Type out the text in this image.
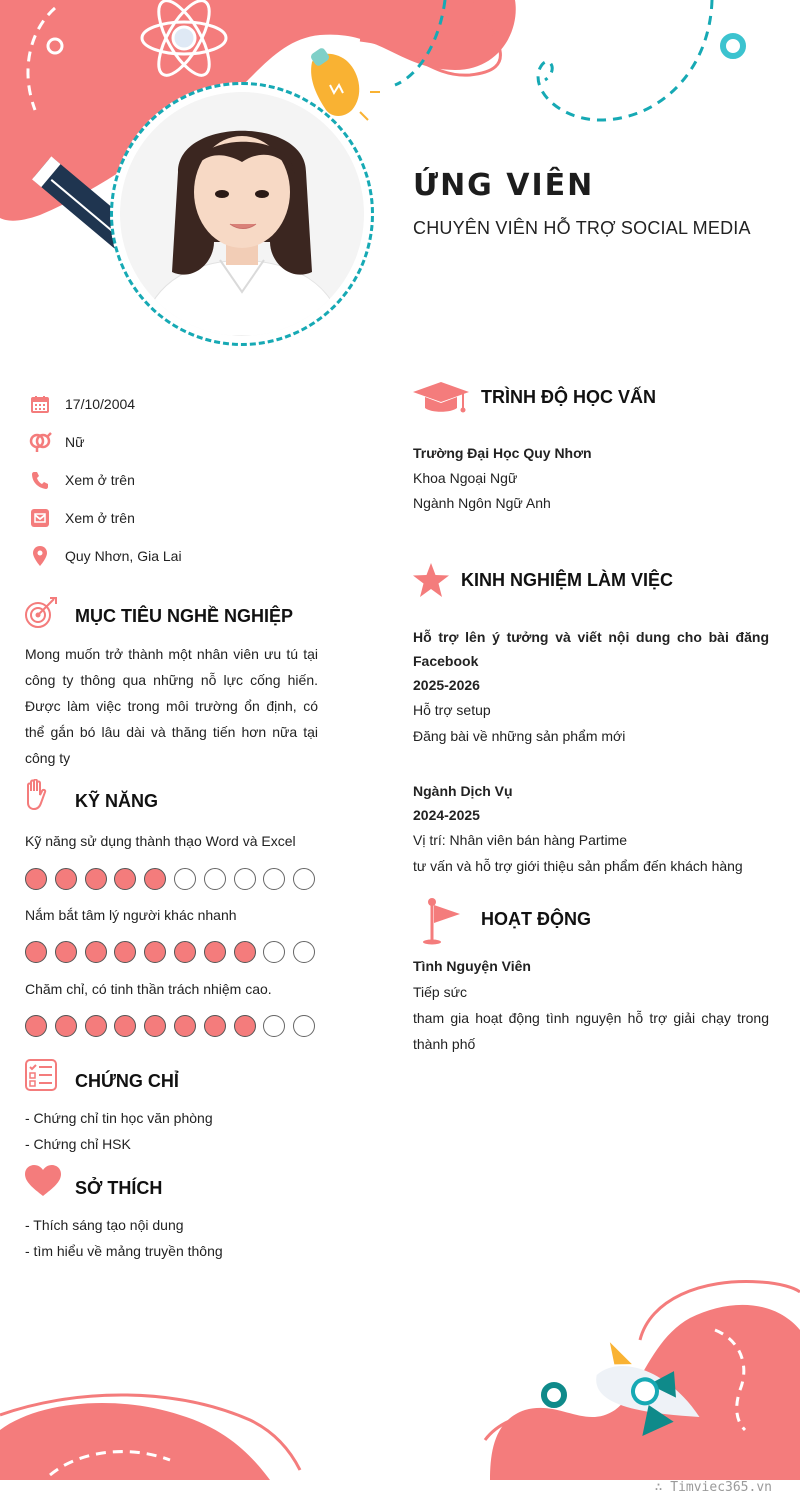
ỨNG VIÊN
CHUYÊN VIÊN HỖ TRỢ SOCIAL MEDIA
17/10/2004
Nữ
Xem ở trên
Xem ở trên
Quy Nhơn, Gia Lai
MỤC TIÊU NGHỀ NGHIỆP
Mong muốn trở thành một nhân viên ưu tú tại công ty thông qua những nỗ lực cống hiến. Được làm việc trong môi trường ổn định, có thể gắn bó lâu dài và thăng tiến hơn nữa tại công ty
KỸ NĂNG
Kỹ năng sử dụng thành thạo Word và Excel
Nắm bắt tâm lý người khác nhanh
Chăm chỉ, có tinh thần trách nhiệm cao.
CHỨNG CHỈ
- Chứng chỉ tin học văn phòng
- Chứng chỉ HSK
SỞ THÍCH
- Thích sáng tạo nội dung
- tìm hiểu về mảng truyền thông
TRÌNH ĐỘ HỌC VẤN
Trường Đại Học Quy Nhơn
Khoa Ngoại Ngữ
Ngành Ngôn Ngữ Anh
KINH NGHIỆM LÀM VIỆC
Hỗ trợ lên ý tưởng và viết nội dung cho bài đăng Facebook
2025-2026
Hỗ trợ setup
Đăng bài về những sản phẩm mới
Ngành Dịch Vụ
2024-2025
Vị trí: Nhân viên bán hàng Partime
tư vấn và hỗ trợ giới thiệu sản phẩm đến khách hàng
HOẠT ĐỘNG
Tình Nguyện Viên
Tiếp sức
tham gia hoạt động tình nguyện hỗ trợ giải chạy trong thành phố
∴ Timviec365.vn
